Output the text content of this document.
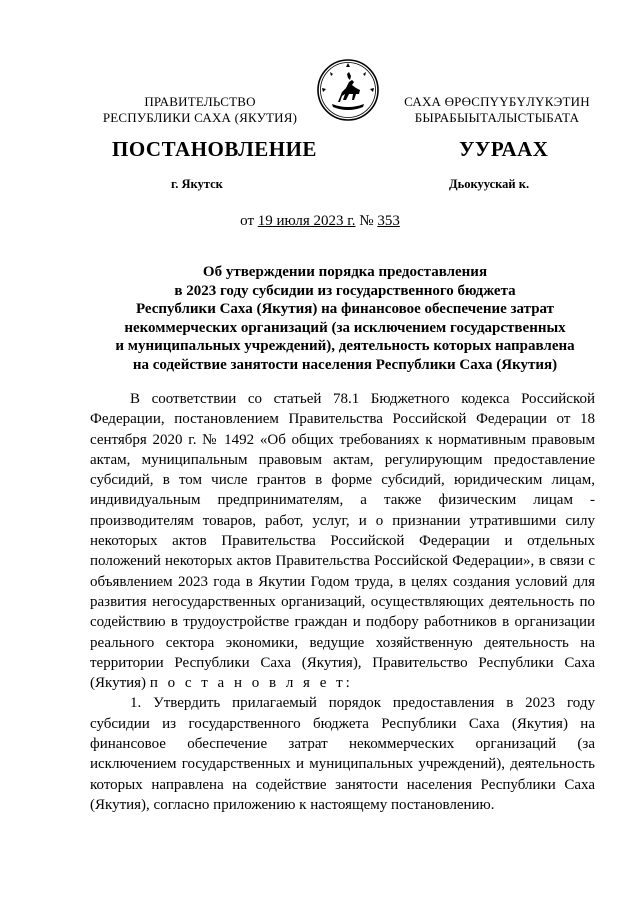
ПРАВИТЕЛЬСТВО
РЕСПУБЛИКИ САХА (ЯКУТИЯ)
САХА ӨРӨСПҮҮБҮЛҮКЭТИН
БЫРАБЫЫТАЛЫСТЫБАТА
ПОСТАНОВЛЕНИЕ	УУРААХ
г. Якутск	Дьокуускай к.
от 19 июля 2023 г. № 353
Об утверждении порядка предоставления
в 2023 году субсидии из государственного бюджета
Республики Саха (Якутия) на финансовое обеспечение затрат
некоммерческих организаций (за исключением государственных
и муниципальных учреждений), деятельность которых направлена
на содействие занятости населения Республики Саха (Якутия)

В соответствии со статьей 78.1 Бюджетного кодекса Российской Федерации, постановлением Правительства Российской Федерации от 18 сентября 2020 г. № 1492 «Об общих требованиях к нормативным правовым актам, муниципальным правовым актам, регулирующим предоставление субсидий, в том числе грантов в форме субсидий, юридическим лицам, индивидуальным предпринимателям, а также физическим лицам - производителям товаров, работ, услуг, и о признании утратившими силу некоторых актов Правительства Российской Федерации и отдельных положений некоторых актов Правительства Российской Федерации», в связи с объявлением 2023 года в Якутии Годом труда, в целях создания условий для развития негосударственных организаций, осуществляющих деятельность по содействию в трудоустройстве граждан и подбору работников в организации реального сектора экономики, ведущие хозяйственную деятельность на территории Республики Саха (Якутия), Правительство Республики Саха (Якутия) п о с т а н о в л я е т:

1. Утвердить прилагаемый порядок предоставления в 2023 году субсидии из государственного бюджета Республики Саха (Якутия) на финансовое обеспечение затрат некоммерческих организаций (за исключением государственных и муниципальных учреждений), деятельность которых направлена на содействие занятости населения Республики Саха (Якутия), согласно приложению к настоящему постановлению.
